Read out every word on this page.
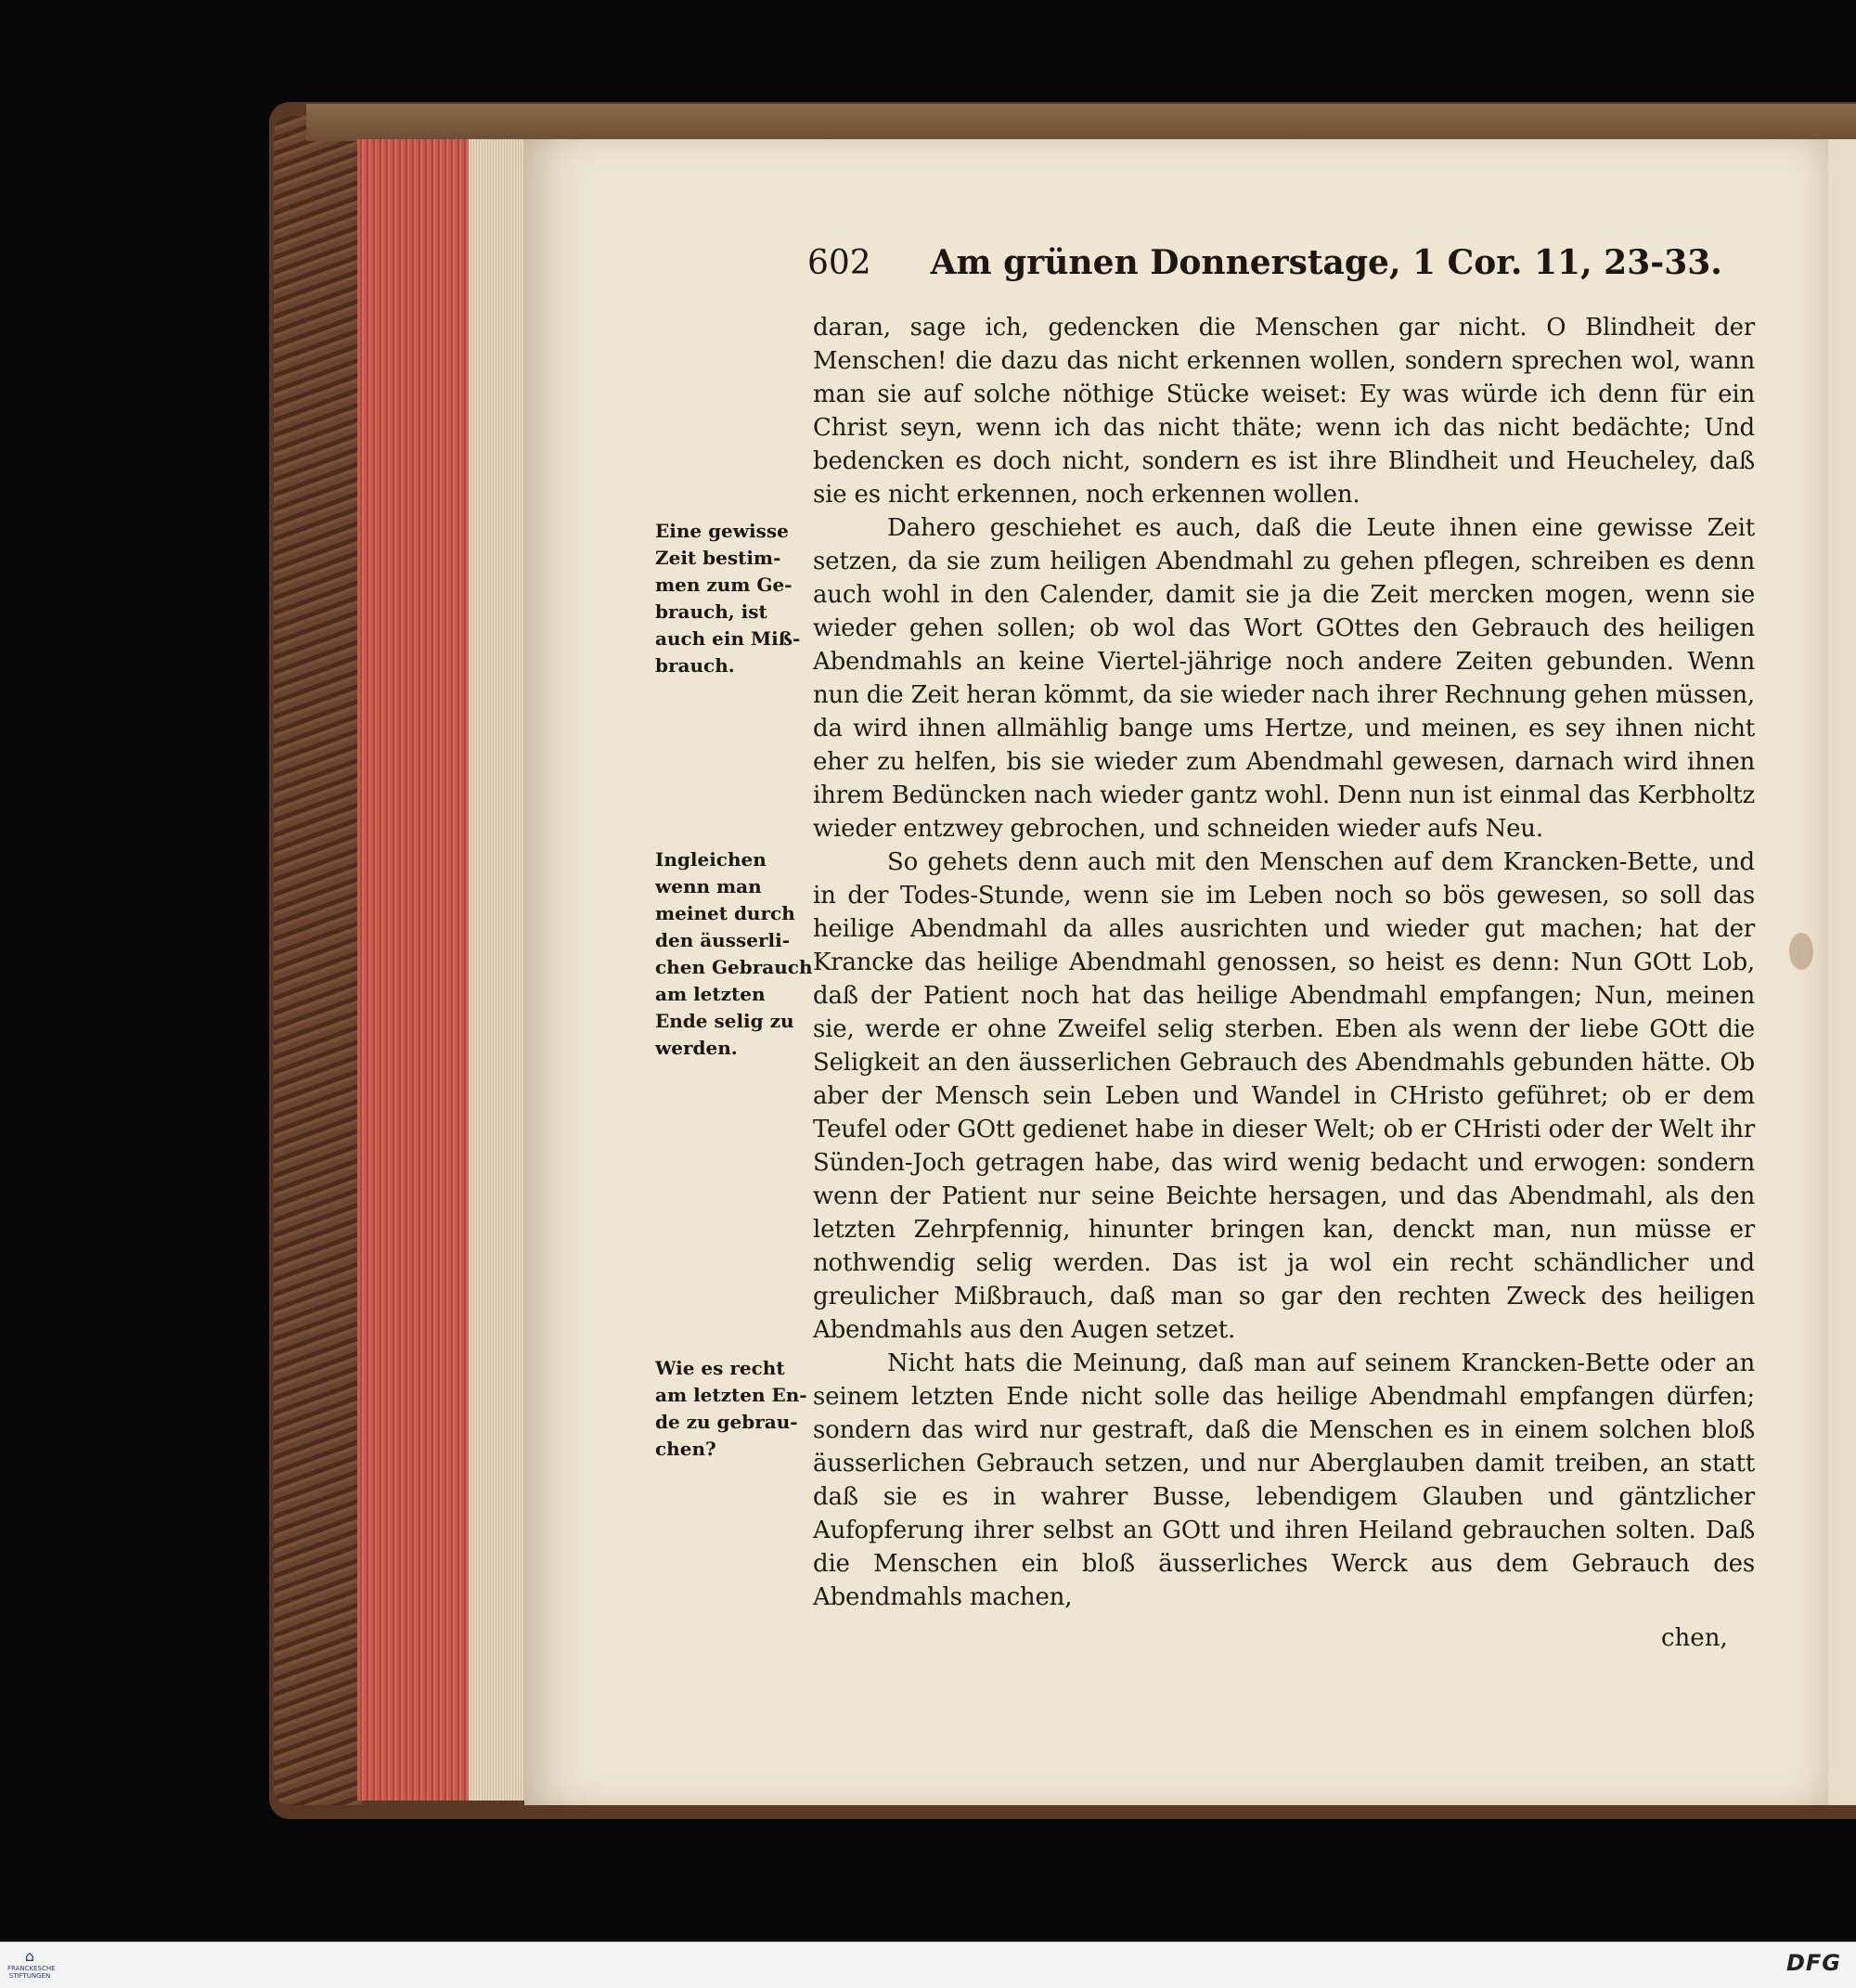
602 Am grünen Donnerstage, 1 Cor. 11, 23-33.
Eine gewisse
Zeit bestim-
men zum Ge-
brauch, ist
auch ein Miß-
brauch.
Ingleichen
wenn man
meinet durch
den äusserli-
chen Gebrauch
am letzten
Ende selig zu
werden.
Wie es recht
am letzten En-
de zu gebrau-
chen?

daran, sage ich, gedencken die Menschen gar nicht. O Blindheit der Menschen! die dazu das nicht erkennen wollen, sondern sprechen wol, wann man sie auf solche nöthige Stücke weiset: Ey was würde ich denn für ein Christ seyn, wenn ich das nicht thäte; wenn ich das nicht bedächte; Und bedencken es doch nicht, sondern es ist ihre Blindheit und Heucheley, daß sie es nicht erkennen, noch erkennen wollen.

Dahero geschiehet es auch, daß die Leute ihnen eine gewisse Zeit setzen, da sie zum heiligen Abendmahl zu gehen pflegen, schreiben es denn auch wohl in den Calender, damit sie ja die Zeit mercken mogen, wenn sie wieder gehen sollen; ob wol das Wort GOttes den Gebrauch des heiligen Abendmahls an keine Viertel-jährige noch andere Zeiten gebunden. Wenn nun die Zeit heran kömmt, da sie wieder nach ihrer Rechnung gehen müssen, da wird ihnen allmählig bange ums Hertze, und meinen, es sey ihnen nicht eher zu helfen, bis sie wieder zum Abendmahl gewesen, darnach wird ihnen ihrem Bedüncken nach wieder gantz wohl. Denn nun ist einmal das Kerbholtz wieder entzwey gebrochen, und schneiden wieder aufs Neu.

So gehets denn auch mit den Menschen auf dem Krancken-Bette, und in der Todes-Stunde, wenn sie im Leben noch so bös gewesen, so soll das heilige Abendmahl da alles ausrichten und wieder gut machen; hat der Krancke das heilige Abendmahl genossen, so heist es denn: Nun GOtt Lob, daß der Patient noch hat das heilige Abendmahl empfangen; Nun, meinen sie, werde er ohne Zweifel selig sterben. Eben als wenn der liebe GOtt die Seligkeit an den äusserlichen Gebrauch des Abendmahls gebunden hätte. Ob aber der Mensch sein Leben und Wandel in CHristo geführet; ob er dem Teufel oder GOtt gedienet habe in dieser Welt; ob er CHristi oder der Welt ihr Sünden-Joch getragen habe, das wird wenig bedacht und erwogen: sondern wenn der Patient nur seine Beichte hersagen, und das Abendmahl, als den letzten Zehrpfennig, hinunter bringen kan, denckt man, nun müsse er nothwendig selig werden. Das ist ja wol ein recht schändlicher und greulicher Mißbrauch, daß man so gar den rechten Zweck des heiligen Abendmahls aus den Augen setzet.

Nicht hats die Meinung, daß man auf seinem Krancken-Bette oder an seinem letzten Ende nicht solle das heilige Abendmahl empfangen dürfen; sondern das wird nur gestraft, daß die Menschen es in einem solchen bloß äusserlichen Gebrauch setzen, und nur Aberglauben damit treiben, an statt daß sie es in wahrer Busse, lebendigem Glauben und gäntzlicher Aufopferung ihrer selbst an GOtt und ihren Heiland gebrauchen solten. Daß die Menschen ein bloß äusserliches Werck aus dem Gebrauch des Abendmahls machen,

chen,
⌂
FRANCKESCHE STIFTUNGEN	DFG
